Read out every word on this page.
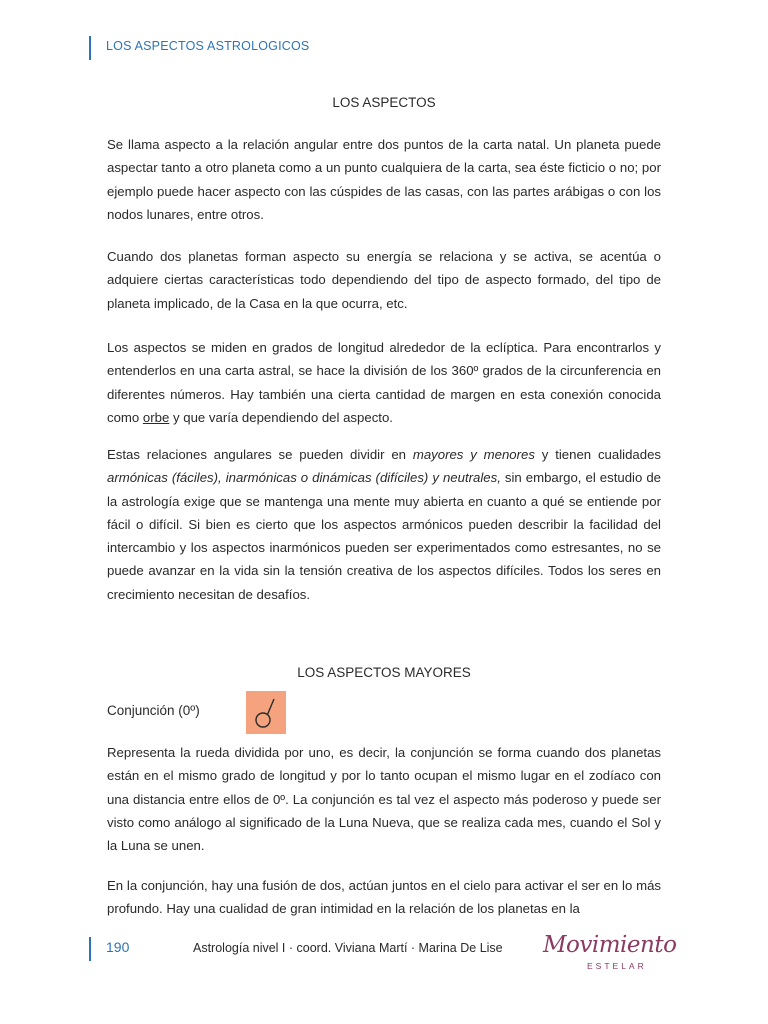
LOS ASPECTOS ASTROLOGICOS
LOS ASPECTOS

Se llama aspecto a la relación angular entre dos puntos de la carta natal. Un planeta puede aspectar tanto a otro planeta como a un punto cualquiera de la carta, sea éste ficticio o no; por ejemplo puede hacer aspecto con las cúspides de las casas, con las partes arábigas o con los nodos lunares, entre otros.

Cuando dos planetas forman aspecto su energía se relaciona y se activa, se acentúa o adquiere ciertas características todo dependiendo del tipo de aspecto formado, del tipo de planeta implicado, de la Casa en la que ocurra, etc.

Los aspectos se miden en grados de longitud alrededor de la eclíptica. Para encontrarlos y entenderlos en una carta astral, se hace la división de los 360º grados de la circunferencia en diferentes números. Hay también una cierta cantidad de margen en esta conexión conocida como orbe y que varía dependiendo del aspecto.

Estas relaciones angulares se pueden dividir en mayores y menores y tienen cualidades armónicas (fáciles), inarmónicas o dinámicas (difíciles) y neutrales, sin embargo, el estudio de la astrología exige que se mantenga una mente muy abierta en cuanto a qué se entiende por fácil o difícil. Si bien es cierto que los aspectos armónicos pueden describir la facilidad del intercambio y los aspectos inarmónicos pueden ser experimentados como estresantes, no se puede avanzar en la vida sin la tensión creativa de los aspectos difíciles. Todos los seres en crecimiento necesitan de desafíos.

LOS ASPECTOS MAYORES
Conjunción (0º)

Representa la rueda dividida por uno, es decir, la conjunción se forma cuando dos planetas están en el mismo grado de longitud y por lo tanto ocupan el mismo lugar en el zodíaco con una distancia entre ellos de 0º. La conjunción es tal vez el aspecto más poderoso y puede ser visto como análogo al significado de la Luna Nueva, que se realiza cada mes, cuando el Sol y la Luna se unen.

En la conjunción, hay una fusión de dos, actúan juntos en el cielo para activar el ser en lo más profundo. Hay una cualidad de gran intimidad en la relación de los planetas en la

190	Astrología nivel I · coord. Viviana Martí · Marina De Lise Movimiento
ESTELAR
